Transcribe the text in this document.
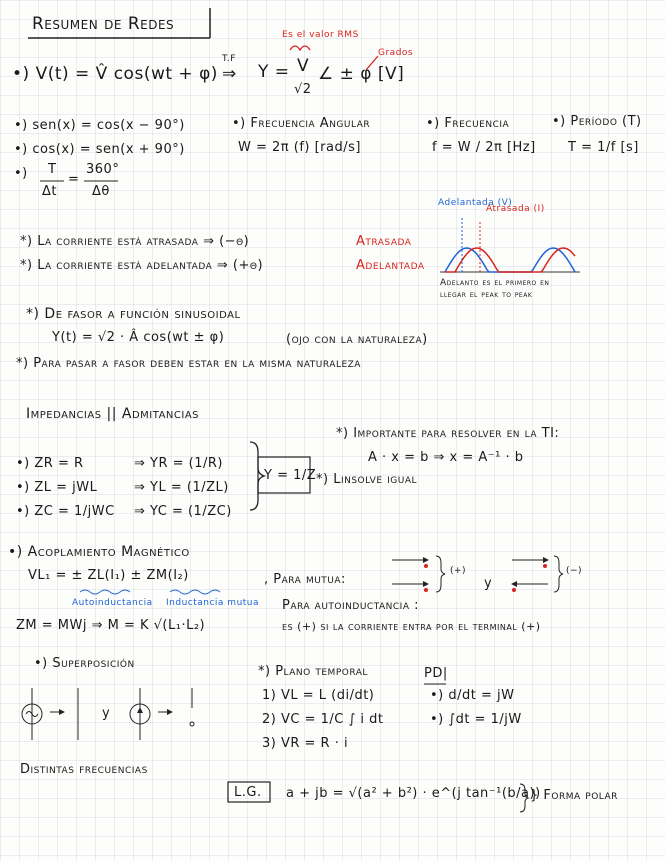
Resumen de Redes
Es el valor RMS
Grados
•) V(t) = V̂ cos(wt + φ)
T.F
⇒ Y = V
√2
∠ ± φ [V]
•) sen(x) = cos(x − 90°)
•) cos(x) = sen(x + 90°)
•) Frecuencia Angular
W = 2π (f) [rad/s]
•) Frecuencia
f = W / 2π [Hz]
•) Período (T)
T = 1/f [s]
•) T
Δt
=
360°
Δθ
*) La corriente está atrasada ⇒ (−θ)	Atrasada
*) La corriente está adelantada ⇒ (+θ)	Adelantada
Adelantada (V)
Atrasada (I)
Adelanto es el primero en
llegar el peak to peak
*) De fasor a función sinusoidal
Y(t) = √2 · Â cos(wt ± φ)	(ojo con la naturaleza)
*) Para pasar a fasor deben estar en la misma naturaleza
Impedancias || Admitancias
*) Importante para resolver en la TI:
A · x = b ⇒ x = A⁻¹ · b
*) Linsolve igual
•) ZR = R	⇒ YR = (1/R)
•) ZL = jWL	⇒ YL = (1/ZL)
•) ZC = 1/jWC ⇒ YC = (1/ZC)
Y = 1/Z
•) Acoplamiento Magnético
VL₁ = ± ZL(I₁) ± ZM(I₂)
Autoinductancia Inductancia mutua
, Para mutua:
(+)
y
(−)
Para autoinductancia :
es (+) si la corriente entra por el terminal (+)
ZM = MWj ⇒ M = K √(L₁·L₂)
•) Superposición
y
Distintas frecuencias
*) Plano temporal
1) VL = L (di/dt)
2) VC = 1/C ∫ i dt
3) VR = R · i
PD|
•) d/dt = jW
•) ∫dt = 1/jW
L.G. a + jb = √(a² + b²) · e^(j tan⁻¹(b/a))
} Forma polar
